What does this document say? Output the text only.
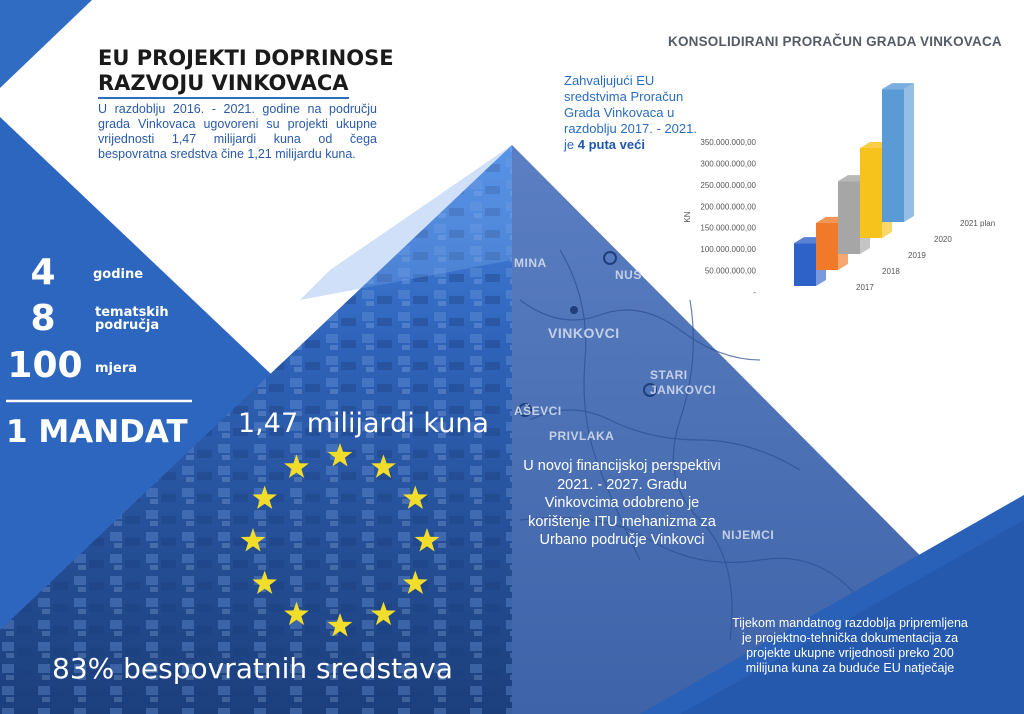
MINA
NUS
VINKOVCI
STARI JANKOVCI
AŠEVCI
PRIVLAKA
NIJEMCI
EU PROJEKTI DOPRINOSE
RAZVOJU VINKOVACA
U razdoblju 2016. - 2021. godine na području grada Vinkovaca ugovoreni su projekti ukupne vrijednosti 1,47 milijardi kuna od čega bespovratna sredstva čine 1,21 milijardu kuna.
4	godine
8	tematskih područja
100 mjera
1 MANDAT	1,47 milijardi kuna
83% bespovratnih sredstava
U novoj financijskoj perspektivi 2021. - 2027. Gradu Vinkovcima odobreno je korištenje ITU mehanizma za Urbano područje Vinkovci
Tijekom mandatnog razdoblja pripremljena je projektno-tehnička dokumentacija za projekte ukupne vrijednosti preko 200 milijuna kuna za buduće EU natječaje
KONSOLIDIRANI PRORAČUN GRADA VINKOVACA
Zahvaljujući EU sredstvima Proračun Grada Vinkovaca u razdoblju 2017. - 2021. je 4 puta veći
-
50.000.000,00
100.000.000,00
150.000.000,00
200.000.000,00
250.000.000,00
300.000.000,00
350.000.000,00
KN
2017
2018
2019
2020
2021 plan
